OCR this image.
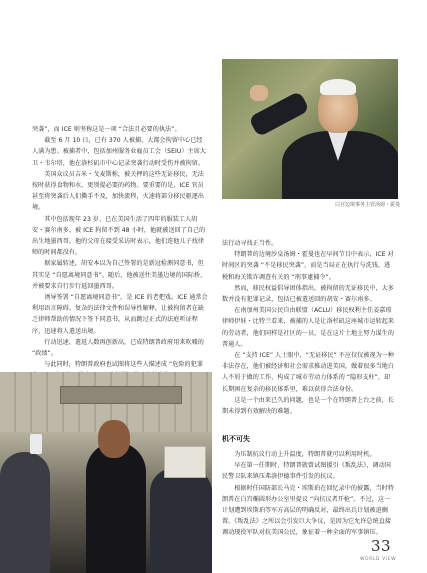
突袭”，而 ICE 则坚称这是一项 “合法且必要的执法”。

截至 6 月 10 日，已有 370 人被捕，大都会拘留中心已经人满为患。被捕者中，包括加州服务业雇员工会（SEIU）主席大卫・韦尔塔，他在洛杉矶市中心记录突袭行动时受伤并被拘留。

美国众议员吉米・戈麦斯称，被关押的这些无证移民，无法按时获得食物和水，更别提必要的药物。要重要的是，ICE 官员甚至将突袭后人们撕手不及，加快流程，火速将部分移民驱逐出境。

其中包括现年 23 岁、已在美国生活了四年的服装工人胡安・赛尔南多。被 ICE 拘留不到 48 小时，他就被送回了自己的出生地墨西哥。他的父母在接受采访时表示，他们连他儿子找律师的时间都没有。

据家属转述，胡安本以为自己签署的是新冠检测同意书，但其实是 “自愿离境同意书”。随后，他被送往美墨边境的国际桥，并被要求自行步行返回墨西哥。

诱导签署 “自愿离境同意书”，是 ICE 的老把戏。ICE 通常会利用语言障碍、复杂的法律文件和误导性解释，让被拘留者在缺乏律师帮助的情况下签下同意书，从而跳过正式的法庭听证程序，迅速将人遣送出境。

行动迅速、遣返人数再创新高，已成特朗普政府用来吹嘘的 “政绩”。

与此同时，特朗普政府也试图将这些人描述成 “危险的犯罪

白宫边境事务主管汤姆・霍曼

法行动寻找正当性。

特朗普的边境沙皇汤姆・霍曼也在早间节目中表示，ICE 对时间区的突袭 “不是移民突袭”，而是当局正在执行与洗钱、逃税和海关欺诈调查有关的 “刑事逮捕令”。

然而，移民权益倡导团体指出，被拘留的无证移民中，大多数并没有犯罪记录，包括已被遣送回的胡安・赛尔南多。

在南加州美国公民自由联盟（ACLU）移民权利主任姜嘉琼律师伊娃・比特兰看来，被捕的人是让洛杉矶这座城市运转起来的劳动者，他们同样是社区的一员，是在这片土地上努力谋生的普通人。

在 “支持 ICE” 人士眼中，“无证移民” 不应仅仅被视为一种非法存在，他们被经济和社会需求推动进美国，做着很多当地白人不屑于做的工作，构成了城市劳动力体系的 “隐形支柱”，却长期困在复杂的移民体系里，难以获得合法身份。

这是一个由来已久的问题，也是一个在特朗普上台之前，长期未得到有效解决的难题。

机不可失

为压制抗议行动上升温度，特朗普就可以利用时机。

早在第一任期时，特朗普就曾试图援引《叛乱法》，调动国民警卫队来镇压弗洛伊德事件引发的抗议。

根据时任国防部长马克・埃斯珀在回忆录中的披露，当时特朗普在白宫椭圆形办公室里提议 “向抗议者开枪”。不过，这一计划遭到埃斯珀等军方高层的明确反对，最终出兵计划被迫搁置。《叛乱法》之所以会引发巨大争议，是因为它允许总统直接调动现役军队对抗美国公民，象征着一种全面的军事镇压。

33
WORLD VIEW
